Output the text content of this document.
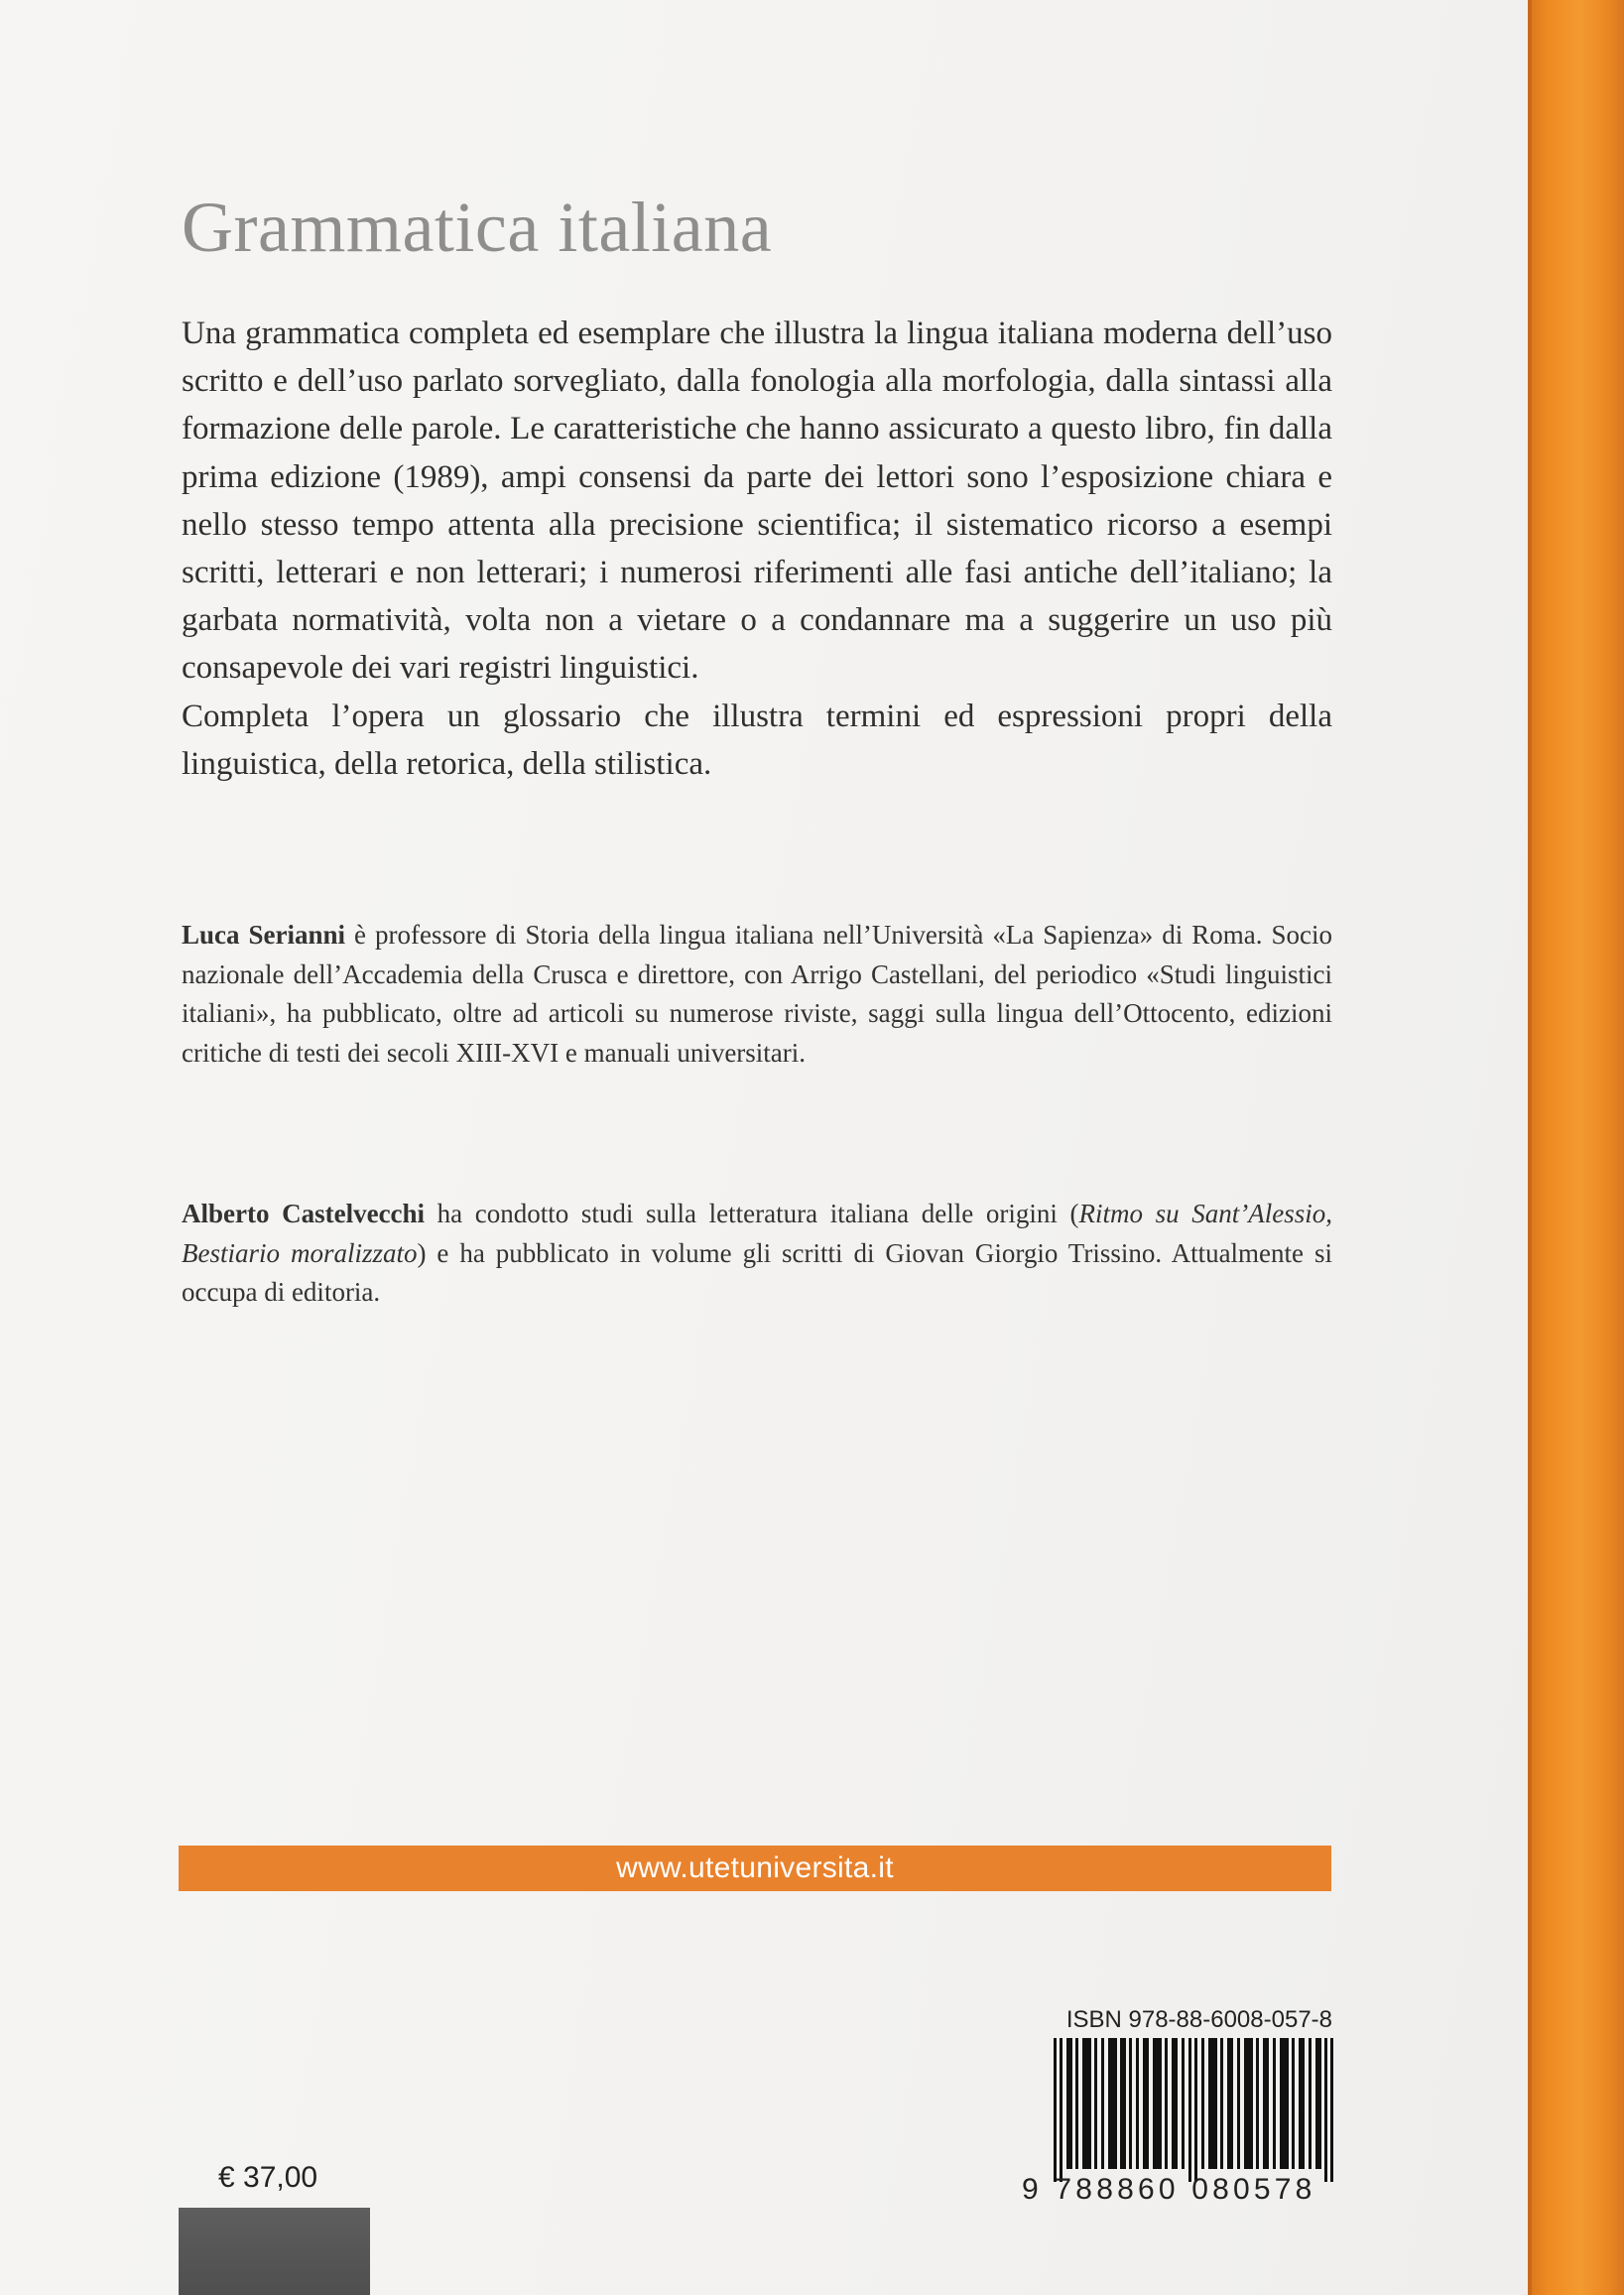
Grammatica italiana

Una grammatica completa ed esemplare che illustra la lingua italiana moderna dell’uso scritto e dell’uso parlato sorvegliato, dalla fonologia alla morfologia, dalla sintassi alla formazione delle parole. Le caratteristiche che hanno assicurato a questo libro, fin dalla prima edizione (1989), ampi consensi da parte dei lettori sono l’esposizione chiara e nello stesso tempo attenta alla precisione scientifica; il sistematico ricorso a esempi scritti, letterari e non letterari; i numerosi riferimenti alle fasi antiche dell’italiano; la garbata normatività, volta non a vietare o a condannare ma a suggerire un uso più consapevole dei vari registri linguistici.

Completa l’opera un glossario che illustra termini ed espressioni propri della linguistica, della retorica, della stilistica.

Luca Serianni è professore di Storia della lingua italiana nell’Università «La Sapienza» di Roma. Socio nazionale dell’Accademia della Crusca e direttore, con Arrigo Castellani, del periodico «Studi linguistici italiani», ha pubblicato, oltre ad articoli su numerose riviste, saggi sulla lingua dell’Ottocento, edizioni critiche di testi dei secoli XIII-XVI e manuali universitari.

Alberto Castelvecchi ha condotto studi sulla letteratura italiana delle origini (Ritmo su Sant’Alessio, Bestiario moralizzato) e ha pubblicato in volume gli scritti di Giovan Giorgio Trissino. Attualmente si occupa di editoria.

www.utetuniversita.it
ISBN 978-88-6008-057-8
9 788860 080578
€ 37,00
